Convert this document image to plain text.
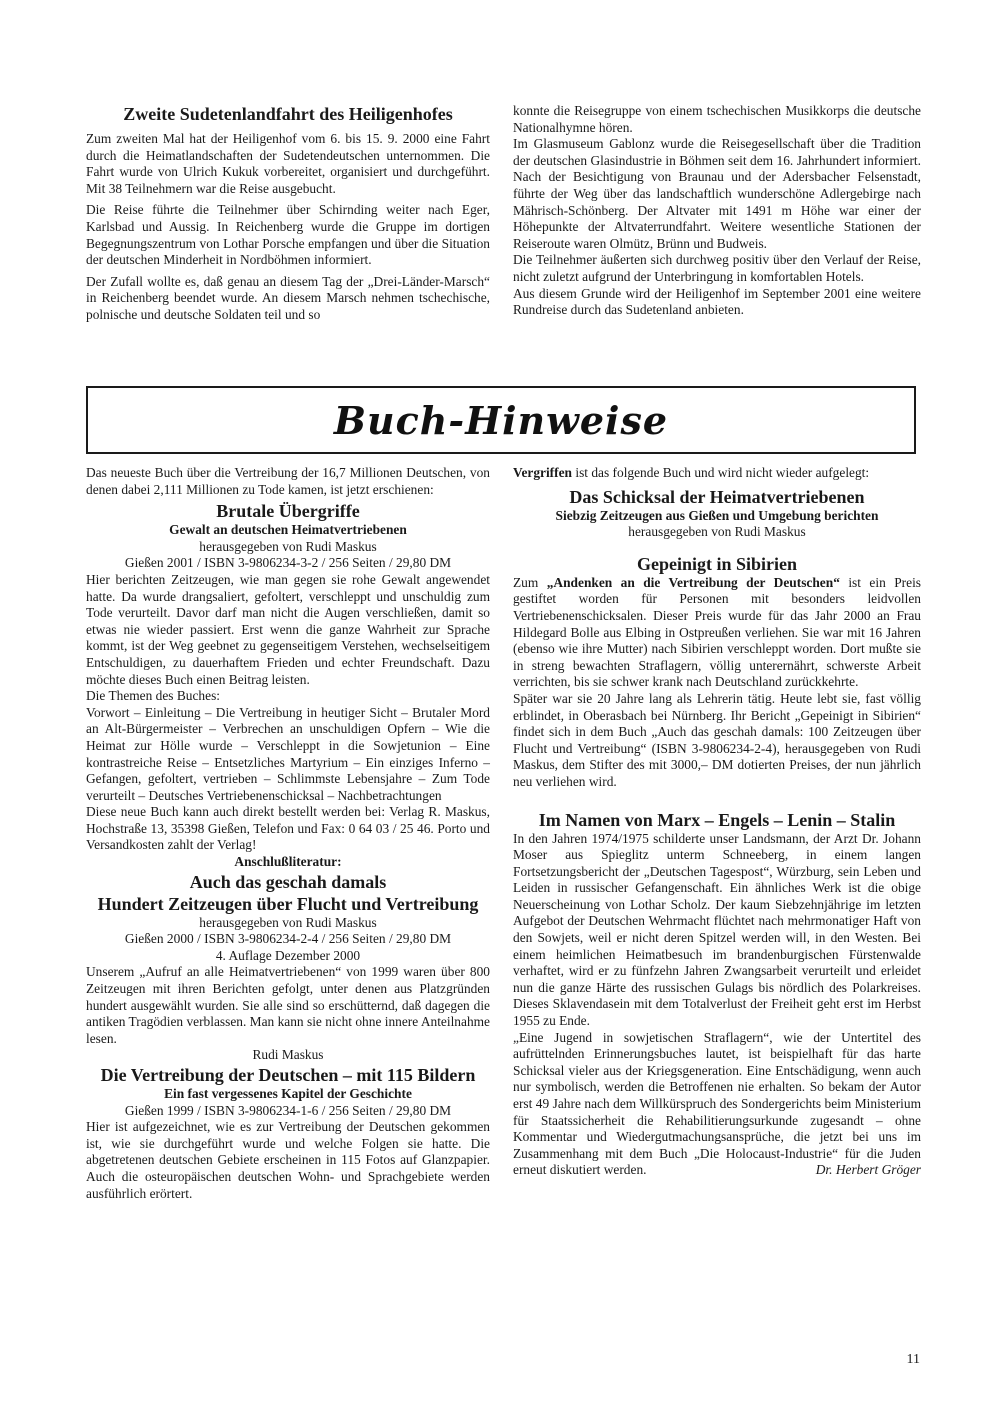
Zweite Sudetenlandfahrt des Heiligenhofes

Zum zweiten Mal hat der Heiligenhof vom 6. bis 15. 9. 2000 eine Fahrt durch die Heimatlandschaften der Sudetendeutschen unternommen. Die Fahrt wurde von Ulrich Kukuk vorbereitet, organisiert und durchgeführt. Mit 38 Teilnehmern war die Reise ausgebucht.

Die Reise führte die Teilnehmer über Schirnding weiter nach Eger, Karlsbad und Aussig. In Reichenberg wurde die Gruppe im dortigen Begegnungszentrum von Lothar Porsche empfangen und über die Situation der deutschen Minderheit in Nordböhmen informiert.

Der Zufall wollte es, daß genau an diesem Tag der „Drei-Länder-Marsch“ in Reichenberg beendet wurde. An diesem Marsch nehmen tschechische, polnische und deutsche Soldaten teil und so

konnte die Reisegruppe von einem tschechischen Musikkorps die deutsche Nationalhymne hören.

Im Glasmuseum Gablonz wurde die Reisegesellschaft über die Tradition der deutschen Glasindustrie in Böhmen seit dem 16. Jahrhundert informiert. Nach der Besichtigung von Braunau und der Adersbacher Felsenstadt, führte der Weg über das landschaftlich wunderschöne Adlergebirge nach Mährisch-Schönberg. Der Altvater mit 1491 m Höhe war einer der Höhepunkte der Altvaterrundfahrt. Weitere wesentliche Stationen der Reiseroute waren Olmütz, Brünn und Budweis.

Die Teilnehmer äußerten sich durchweg positiv über den Verlauf der Reise, nicht zuletzt aufgrund der Unterbringung in komfortablen Hotels.

Aus diesem Grunde wird der Heiligenhof im September 2001 eine weitere Rundreise durch das Sudetenland anbieten.

Buch-Hinweise

Das neueste Buch über die Vertreibung der 16,7 Millionen Deutschen, von denen dabei 2,111 Millionen zu Tode kamen, ist jetzt erschienen:

Brutale Übergriffe

Gewalt an deutschen Heimatvertriebenen

herausgegeben von Rudi Maskus

Gießen 2001 / ISBN 3-9806234-3-2 / 256 Seiten / 29,80 DM

Hier berichten Zeitzeugen, wie man gegen sie rohe Gewalt angewendet hatte. Da wurde drangsaliert, gefoltert, verschleppt und unschuldig zum Tode verurteilt. Davor darf man nicht die Augen verschließen, damit so etwas nie wieder passiert. Erst wenn die ganze Wahrheit zur Sprache kommt, ist der Weg geebnet zu gegenseitigem Verstehen, wechselseitigem Entschuldigen, zu dauerhaftem Frieden und echter Freundschaft. Dazu möchte dieses Buch einen Beitrag leisten.

Die Themen des Buches:

Vorwort – Einleitung – Die Vertreibung in heutiger Sicht – Brutaler Mord an Alt-Bürgermeister – Verbrechen an unschuldigen Opfern – Wie die Heimat zur Hölle wurde – Verschleppt in die Sowjetunion – Eine kontrastreiche Reise – Entsetzliches Martyrium – Ein einziges Inferno – Gefangen, gefoltert, vertrieben – Schlimmste Lebensjahre – Zum Tode verurteilt – Deutsches Vertriebenenschicksal – Nachbetrachtungen

Diese neue Buch kann auch direkt bestellt werden bei: Verlag R. Maskus, Hochstraße 13, 35398 Gießen, Telefon und Fax: 0 64 03 / 25 46. Porto und Versandkosten zahlt der Verlag!

Anschlußliteratur:

Auch das geschah damals
Hundert Zeitzeugen über Flucht und Vertreibung

herausgegeben von Rudi Maskus

Gießen 2000 / ISBN 3-9806234-2-4 / 256 Seiten / 29,80 DM

4. Auflage Dezember 2000

Unserem „Aufruf an alle Heimatvertriebenen“ von 1999 waren über 800 Zeitzeugen mit ihren Berichten gefolgt, unter denen aus Platzgründen hundert ausgewählt wurden. Sie alle sind so erschütternd, daß dagegen die antiken Tragödien verblassen. Man kann sie nicht ohne innere Anteilnahme lesen.

Rudi Maskus

Die Vertreibung der Deutschen – mit 115 Bildern

Ein fast vergessenes Kapitel der Geschichte

Gießen 1999 / ISBN 3-9806234-1-6 / 256 Seiten / 29,80 DM

Hier ist aufgezeichnet, wie es zur Vertreibung der Deutschen gekommen ist, wie sie durchgeführt wurde und welche Folgen sie hatte. Die abgetretenen deutschen Gebiete erscheinen in 115 Fotos auf Glanzpapier. Auch die osteuropäischen deutschen Wohn- und Sprachgebiete werden ausführlich erörtert.

Vergriffen ist das folgende Buch und wird nicht wieder aufgelegt:

Das Schicksal der Heimatvertriebenen

Siebzig Zeitzeugen aus Gießen und Umgebung berichten

herausgegeben von Rudi Maskus

Gepeinigt in Sibirien

Zum „Andenken an die Vertreibung der Deutschen“ ist ein Preis gestiftet worden für Personen mit besonders leidvollen Vertriebenenschicksalen. Dieser Preis wurde für das Jahr 2000 an Frau Hildegard Bolle aus Elbing in Ostpreußen verliehen. Sie war mit 16 Jahren (ebenso wie ihre Mutter) nach Sibirien verschleppt worden. Dort mußte sie in streng bewachten Straflagern, völlig unterernährt, schwerste Arbeit verrichten, bis sie schwer krank nach Deutschland zurückkehrte.

Später war sie 20 Jahre lang als Lehrerin tätig. Heute lebt sie, fast völlig erblindet, in Oberasbach bei Nürnberg. Ihr Bericht „Gepeinigt in Sibirien“ findet sich in dem Buch „Auch das geschah damals: 100 Zeitzeugen über Flucht und Vertreibung“ (ISBN 3-9806234-2-4), herausgegeben von Rudi Maskus, dem Stifter des mit 3000,– DM dotierten Preises, der nun jährlich neu verliehen wird.

Im Namen von Marx – Engels – Lenin – Stalin

In den Jahren 1974/1975 schilderte unser Landsmann, der Arzt Dr. Johann Moser aus Spieglitz unterm Schneeberg, in einem langen Fortsetzungsbericht der „Deutschen Tagespost“, Würzburg, sein Leben und Leiden in russischer Gefangenschaft. Ein ähnliches Werk ist die obige Neuerscheinung von Lothar Scholz. Der kaum Siebzehnjährige im letzten Aufgebot der Deutschen Wehrmacht flüchtet nach mehrmonatiger Haft von den Sowjets, weil er nicht deren Spitzel werden will, in den Westen. Bei einem heimlichen Heimatbesuch im brandenburgischen Fürstenwalde verhaftet, wird er zu fünfzehn Jahren Zwangsarbeit verurteilt und erleidet nun die ganze Härte des russischen Gulags bis nördlich des Polarkreises. Dieses Sklavendasein mit dem Totalverlust der Freiheit geht erst im Herbst 1955 zu Ende.

„Eine Jugend in sowjetischen Straflagern“, wie der Untertitel des aufrüttelnden Erinnerungsbuches lautet, ist beispielhaft für das harte Schicksal vieler aus der Kriegsgeneration. Eine Entschädigung, wenn auch nur symbolisch, werden die Betroffenen nie erhalten. So bekam der Autor erst 49 Jahre nach dem Willkürspruch des Sondergerichts beim Ministerium für Staatssicherheit die Rehabilitierungsurkunde zugesandt – ohne Kommentar und Wiedergutmachungsansprüche, die jetzt bei uns im Zusammenhang mit dem Buch „Die Holocaust-Industrie“ für die Juden erneut diskutiert werden.	Dr. Herbert Gröger

11
